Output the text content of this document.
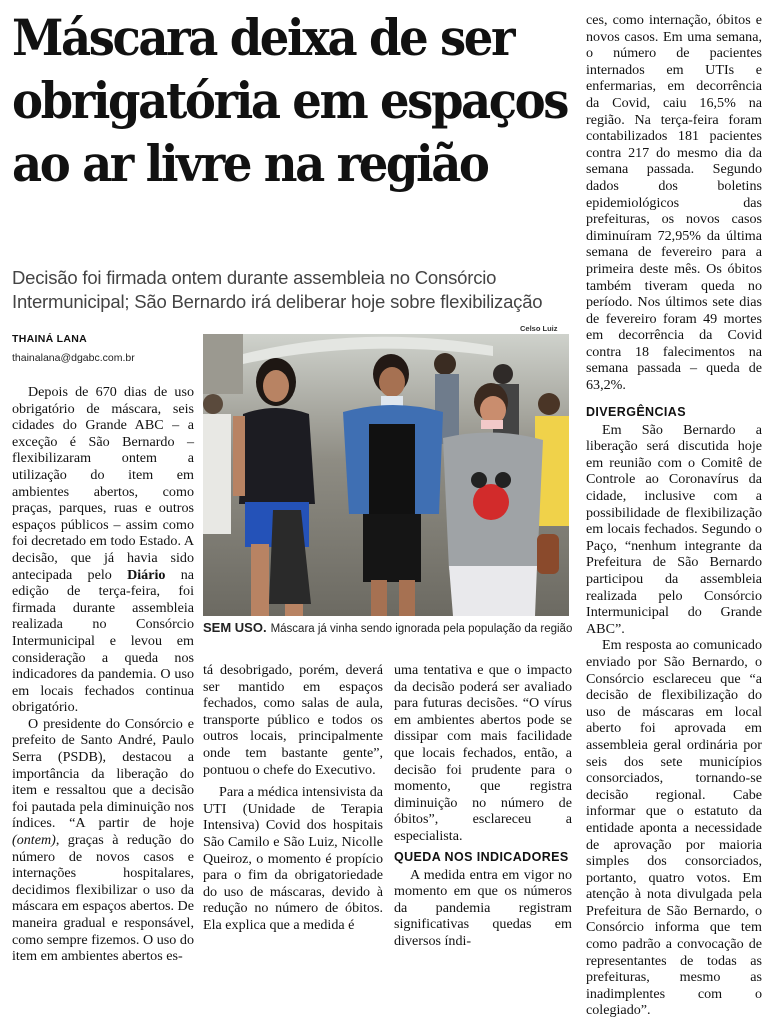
Máscara deixa de ser
obrigatória em espaços
ao ar livre na região
Decisão foi firmada ontem durante assembleia no Consórcio
Intermunicipal; São Bernardo irá deliberar hoje sobre flexibilização
THAINÁ LANA
thainalana@dgabc.com.br

Depois de 670 dias de uso obrigatório de máscara, seis cidades do Grande ABC – a exceção é São Bernardo – flexibilizaram ontem a utilização do item em ambientes abertos, como praças, parques, ruas e outros espaços públicos – assim como foi decretado em todo Estado. A decisão, que já havia sido antecipada pelo Diário na edição de terça-feira, foi firmada durante assembleia realizada no Consórcio Intermunicipal e levou em consideração a queda nos indicadores da pandemia. O uso em locais fechados continua obrigatório.

O presidente do Consórcio e prefeito de Santo André, Paulo Serra (PSDB), destacou a importância da liberação do item e ressaltou que a decisão foi pautada pela diminuição nos índices. “A partir de hoje (ontem), graças à redução do número de novos casos e internações hospitalares, decidimos flexibilizar o uso da máscara em espaços abertos. De maneira gradual e responsável, como sempre fizemos. O uso do item em ambientes abertos es-

Celso Luiz
SEM USO. Máscara já vinha sendo ignorada pela população da região

tá desobrigado, porém, deverá ser mantido em espaços fechados, como salas de aula, transporte público e todos os outros locais, principalmente onde tem bastante gente”, pontuou o chefe do Executivo.

Para a médica intensivista da UTI (Unidade de Terapia Intensiva) Covid dos hospitais São Camilo e São Luiz, Nicolle Queiroz, o momento é propício para o fim da obrigatoriedade do uso de máscaras, devido à redução no número de óbitos. Ela explica que a medida é

uma tentativa e que o impacto da decisão poderá ser avaliado para futuras decisões. “O vírus em ambientes abertos pode se dissipar com mais facilidade que locais fechados, então, a decisão foi prudente para o momento, que registra diminuição no número de óbitos”, esclareceu a especialista.

QUEDA NOS INDICADORES

A medida entra em vigor no momento em que os números da pandemia registram significativas quedas em diversos índi-

ces, como internação, óbitos e novos casos. Em uma semana, o número de pacientes internados em UTIs e enfermarias, em decorrência da Covid, caiu 16,5% na região. Na terça-feira foram contabilizados 181 pacientes contra 217 do mesmo dia da semana passada. Segundo dados dos boletins epidemiológicos das prefeituras, os novos casos diminuíram 72,95% da última semana de fevereiro para a primeira deste mês. Os óbitos também tiveram queda no período. Nos últimos sete dias de fevereiro foram 49 mortes em decorrência da Covid contra 18 falecimentos na semana passada – queda de 63,2%.

DIVERGÊNCIAS

Em São Bernardo a liberação será discutida hoje em reunião com o Comitê de Controle ao Coronavírus da cidade, inclusive com a possibilidade de flexibilização em locais fechados. Segundo o Paço, “nenhum integrante da Prefeitura de São Bernardo participou da assembleia realizada pelo Consórcio Intermunicipal do Grande ABC”.

Em resposta ao comunicado enviado por São Bernardo, o Consórcio esclareceu que “a decisão de flexibilização do uso de máscaras em local aberto foi aprovada em assembleia geral ordinária por seis dos sete municípios consorciados, tornando-se decisão regional. Cabe informar que o estatuto da entidade aponta a necessidade de aprovação por maioria simples dos consorciados, portanto, quatro votos. Em atenção à nota divulgada pela Prefeitura de São Bernardo, o Consórcio informa que tem como padrão a convocação de representantes de todas as prefeituras, mesmo as inadimplentes com o colegiado”.
